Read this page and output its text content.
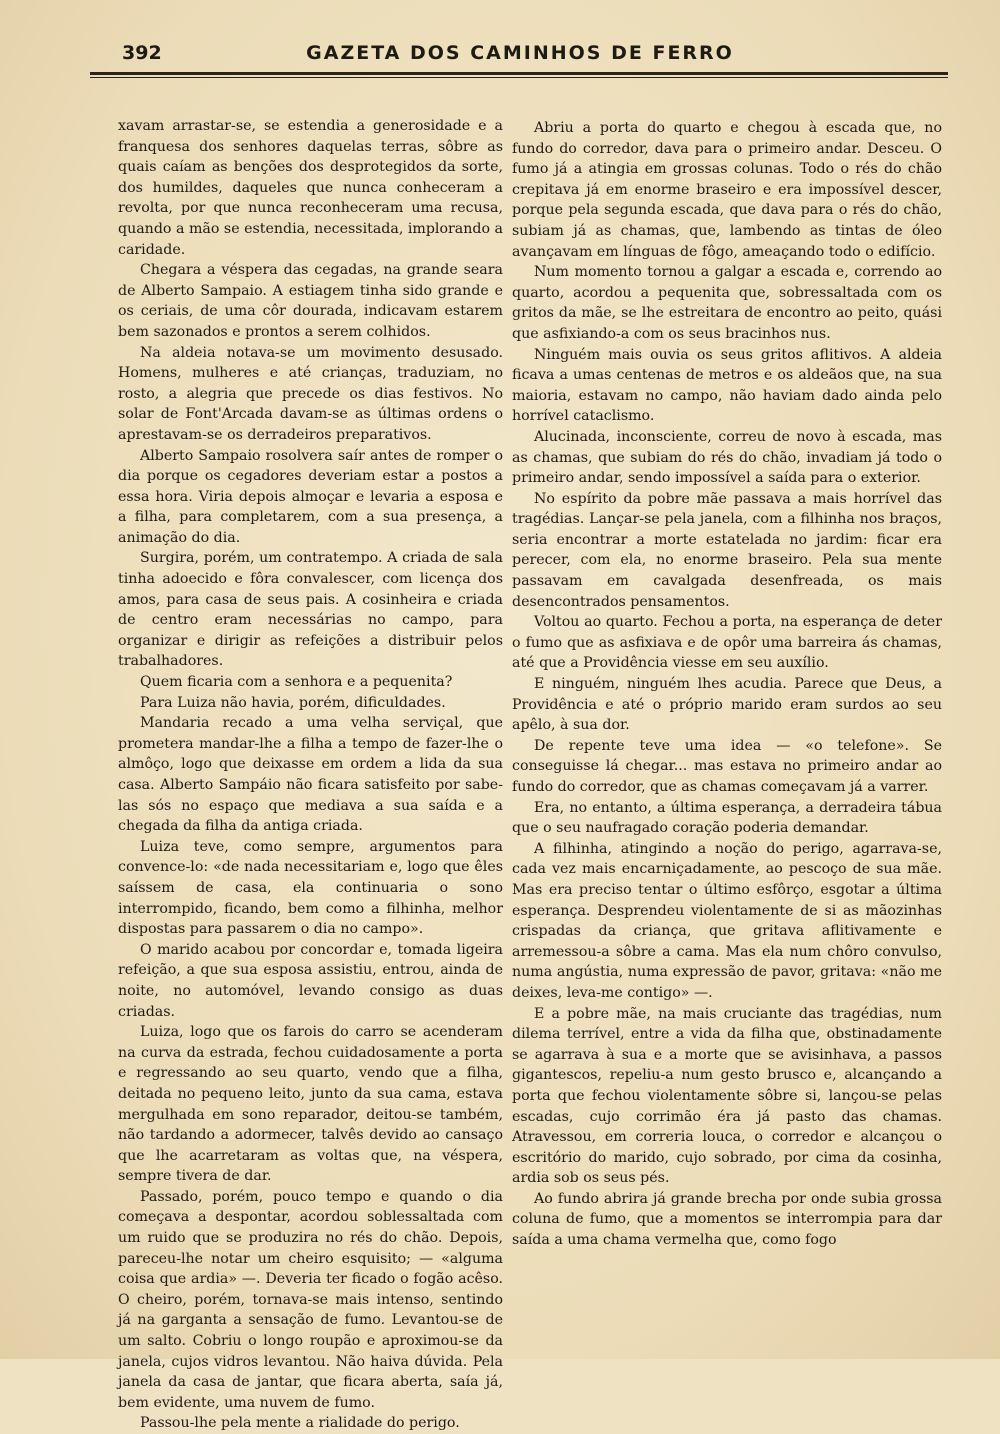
392	GAZETA DOS CAMINHOS DE FERRO

xavam arrastar-se, se estendia a generosidade e a franquesa dos senhores daquelas terras, sôbre as quais caíam as benções dos desprotegidos da sorte, dos humildes, daqueles que nunca conheceram a revolta, por que nunca reconheceram uma recusa, quando a mão se estendia, necessitada, implorando a caridade.

Chegara a véspera das cegadas, na grande seara de Alberto Sampaio. A estiagem tinha sido grande e os ceriais, de uma côr dourada, indicavam estarem bem sazonados e prontos a serem colhidos.

Na aldeia notava-se um movimento desusado. Homens, mulheres e até crianças, traduziam, no rosto, a alegria que precede os dias festivos. No solar de Font'Arcada davam-se as últimas ordens o aprestavam-se os derradeiros preparativos.

Alberto Sampaio rosolvera saír antes de romper o dia porque os cegadores deveriam estar a postos a essa hora. Viria depois almoçar e levaria a esposa e a filha, para completarem, com a sua presença, a animação do dia.

Surgira, porém, um contratempo. A criada de sala tinha adoecido e fôra convalescer, com licença dos amos, para casa de seus pais. A cosinheira e criada de centro eram necessárias no campo, para organizar e dirigir as refeições a distribuir pelos trabalhadores.

Quem ficaria com a senhora e a pequenita?

Para Luiza não havia, porém, dificuldades.

Mandaria recado a uma velha serviçal, que prometera mandar-lhe a filha a tempo de fazer-lhe o almôço, logo que deixasse em ordem a lida da sua casa. Alberto Sampáio não ficara satisfeito por sabe-las sós no espaço que mediava a sua saída e a chegada da filha da antiga criada.

Luiza teve, como sempre, argumentos para convence-lo: «de nada necessitariam e, logo que êles saíssem de casa, ela continuaria o sono interrompido, ficando, bem como a filhinha, melhor dispostas para passarem o dia no campo».

O marido acabou por concordar e, tomada ligeira refeição, a que sua esposa assistiu, entrou, ainda de noite, no automóvel, levando consigo as duas criadas.

Luiza, logo que os farois do carro se acenderam na curva da estrada, fechou cuidadosamente a porta e regressando ao seu quarto, vendo que a filha, deitada no pequeno leito, junto da sua cama, estava mergulhada em sono reparador, deitou-se também, não tardando a adormecer, talvês devido ao cansaço que lhe acarretaram as voltas que, na véspera, sempre tivera de dar.

Passado, porém, pouco tempo e quando o dia começava a despontar, acordou soblessaltada com um ruido que se produzira no rés do chão. Depois, pareceu-lhe notar um cheiro esquisito; — «alguma coisa que ardia» —. Deveria ter ficado o fogão acêso. O cheiro, porém, tornava-se mais intenso, sentindo já na garganta a sensação de fumo. Levantou-se de um salto. Cobriu o longo roupão e aproximou-se da janela, cujos vidros levantou. Não haiva dúvida. Pela janela da casa de jantar, que ficara aberta, saía já, bem evidente, uma nuvem de fumo.

Passou-lhe pela mente a rialidade do perigo.

Abriu a porta do quarto e chegou à escada que, no fundo do corredor, dava para o primeiro andar. Desceu. O fumo já a atingia em grossas colunas. Todo o rés do chão crepitava já em enorme braseiro e era impossível descer, porque pela segunda escada, que dava para o rés do chão, subiam já as chamas, que, lambendo as tintas de óleo avançavam em línguas de fôgo, ameaçando todo o edifício.

Num momento tornou a galgar a escada e, correndo ao quarto, acordou a pequenita que, sobressaltada com os gritos da mãe, se lhe estreitara de encontro ao peito, quási que asfixiando-a com os seus bracinhos nus.

Ninguém mais ouvia os seus gritos aflitivos. A aldeia ficava a umas centenas de metros e os aldeãos que, na sua maioria, estavam no campo, não haviam dado ainda pelo horrível cataclismo.

Alucinada, inconsciente, correu de novo à escada, mas as chamas, que subiam do rés do chão, invadiam já todo o primeiro andar, sendo impossível a saída para o exterior.

No espírito da pobre mãe passava a mais horrível das tragédias. Lançar-se pela janela, com a filhinha nos braços, seria encontrar a morte estatelada no jardim: ficar era perecer, com ela, no enorme braseiro. Pela sua mente passavam em cavalgada desenfreada, os mais desencontrados pensamentos.

Voltou ao quarto. Fechou a porta, na esperança de deter o fumo que as asfixiava e de opôr uma barreira ás chamas, até que a Providência viesse em seu auxílio.

E ninguém, ninguém lhes acudia. Parece que Deus, a Providência e até o próprio marido eram surdos ao seu apêlo, à sua dor.

De repente teve uma idea — «o telefone». Se conseguisse lá chegar... mas estava no primeiro andar ao fundo do corredor, que as chamas começavam já a varrer.

Era, no entanto, a última esperança, a derradeira tábua que o seu naufragado coração poderia demandar.

A filhinha, atingindo a noção do perigo, agarrava-se, cada vez mais encarniçadamente, ao pescoço de sua mãe. Mas era preciso tentar o último esfôrço, esgotar a última esperança. Desprendeu violentamente de si as mãozinhas crispadas da criança, que gritava aflitivamente e arremessou-a sôbre a cama. Mas ela num chôro convulso, numa angústia, numa expressão de pavor, gritava: «não me deixes, leva-me contigo» —.

E a pobre mãe, na mais cruciante das tragédias, num dilema terrível, entre a vida da filha que, obstinadamente se agarrava à sua e a morte que se avisinhava, a passos gigantescos, repeliu-a num gesto brusco e, alcançando a porta que fechou violentamente sôbre si, lançou-se pelas escadas, cujo corrimão éra já pasto das chamas. Atravessou, em correria louca, o corredor e alcançou o escritório do marido, cujo sobrado, por cima da cosinha, ardia sob os seus pés.

Ao fundo abrira já grande brecha por onde subia grossa coluna de fumo, que a momentos se interrompia para dar saída a uma chama vermelha que, como fogo
